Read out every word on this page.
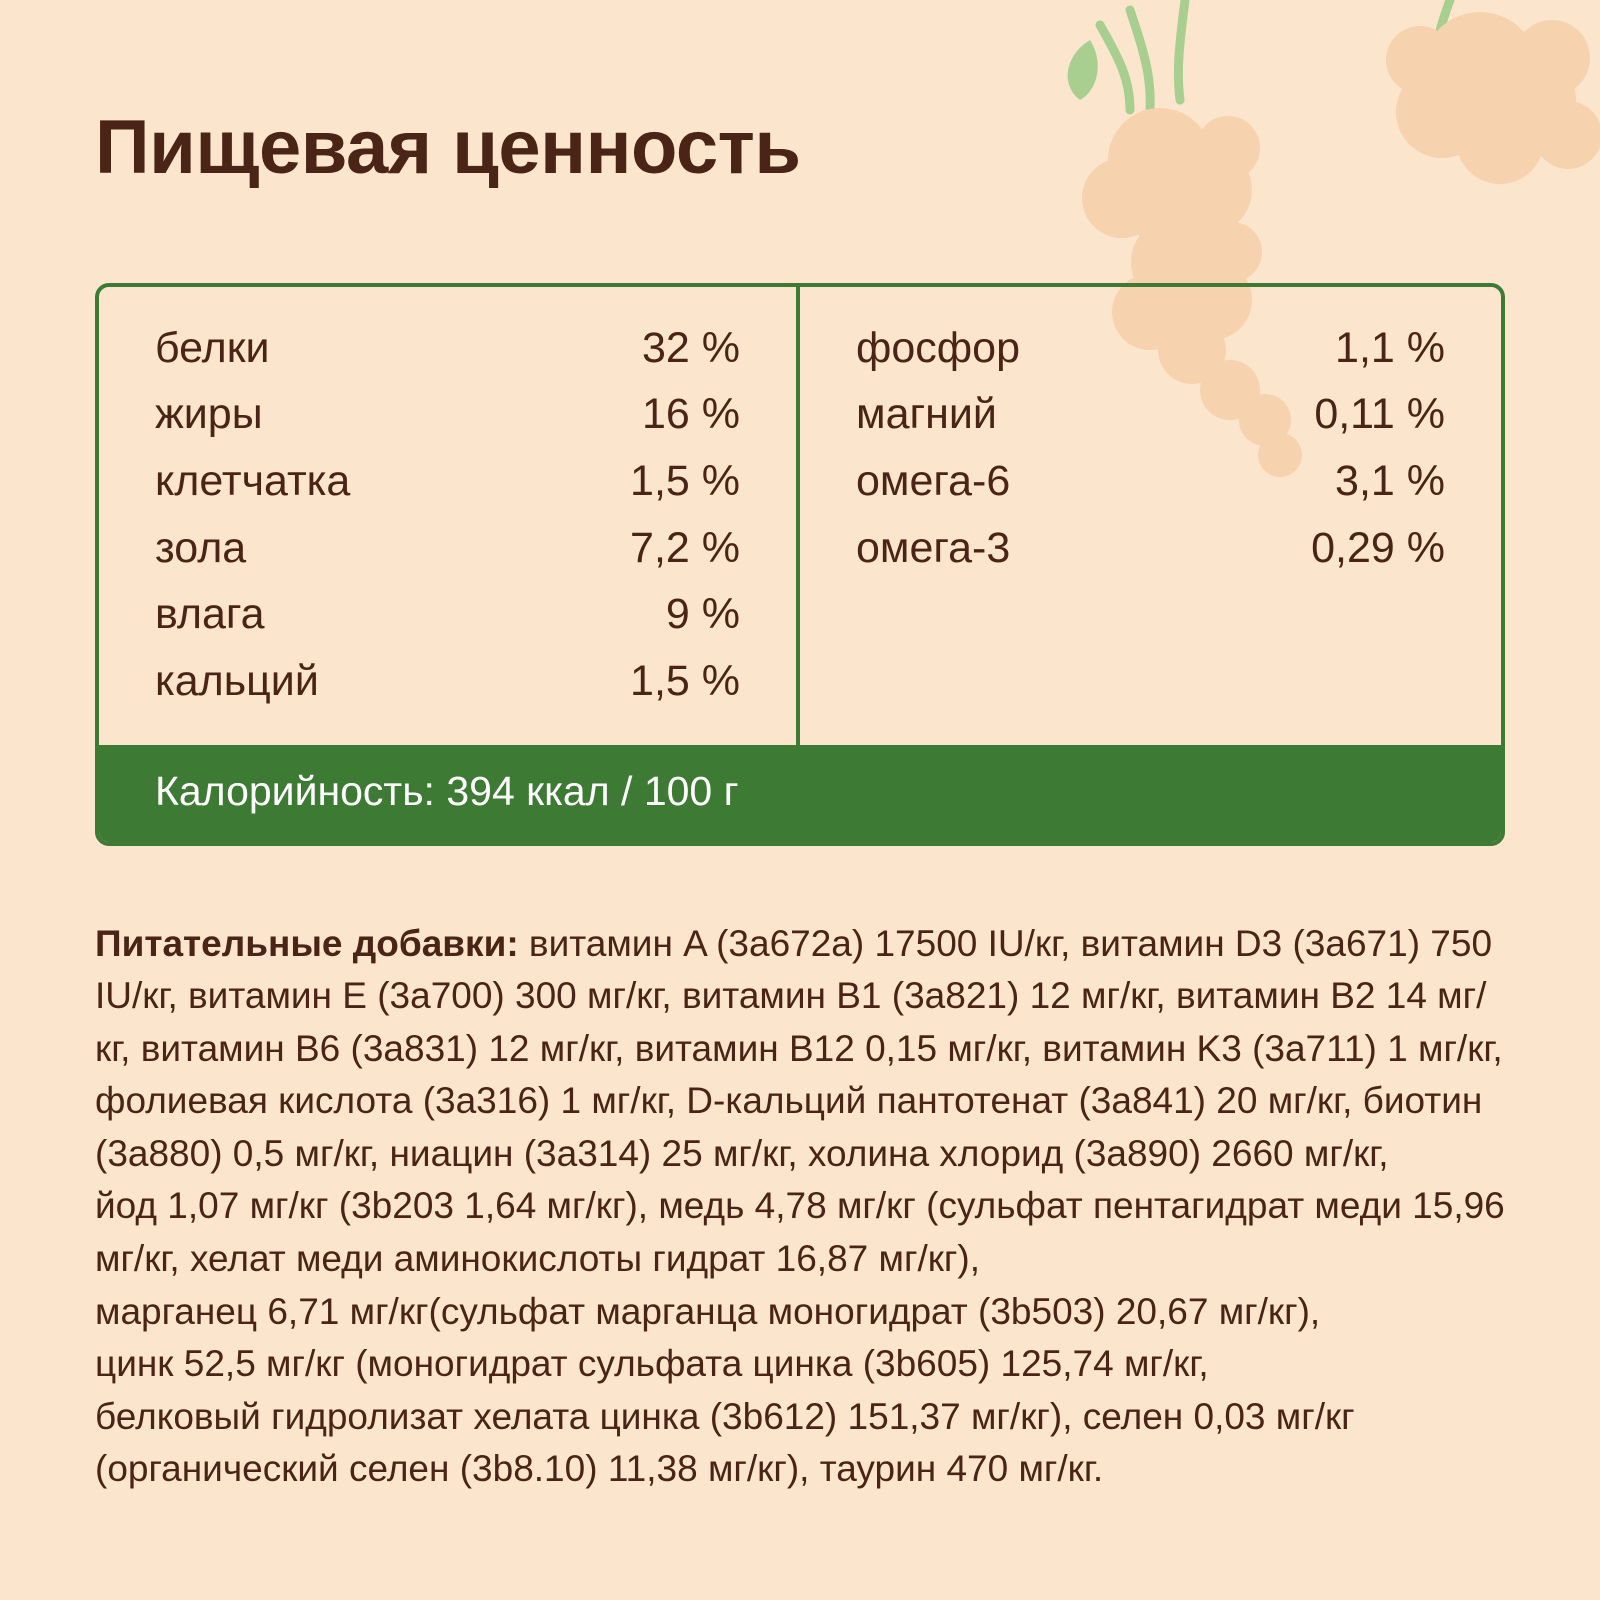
Пищевая ценность
белки	32 %
жиры	16 %
клетчатка	1,5 %
зола	7,2 %
влага	9 %
кальций	1,5 %
фосфор	1,1 %
магний	0,11 %
омега-6	3,1 %
омега-3	0,29 %
Калорийность: 394 ккал / 100 г

Питательные добавки: витамин A (3a672a) 17500 IU/кг, витамин D3 (3a671) 750 IU/кг, витамин E (3a700) 300 мг/кг, витамин B1 (3a821) 12 мг/кг, витамин B2 14 мг/кг, витамин B6 (3a831) 12 мг/кг, витамин B12 0,15 мг/кг, витамин K3 (3a711) 1 мг/кг, фолиевая кислота (3a316) 1 мг/кг, D-кальций пантотенат (3a841) 20 мг/кг, биотин (3a880) 0,5 мг/кг, ниацин (3a314) 25 мг/кг, холина хлорид (3a890) 2660 мг/кг,

йод 1,07 мг/кг (3b203 1,64 мг/кг), медь 4,78 мг/кг (сульфат пентагидрат меди 15,96 мг/кг, хелат меди аминокислоты гидрат 16,87 мг/кг),

марганец 6,71 мг/кг(сульфат марганца моногидрат (3b503) 20,67 мг/кг),

цинк 52,5 мг/кг (моногидрат сульфата цинка (3b605) 125,74 мг/кг,

белковый гидролизат хелата цинка (3b612) 151,37 мг/кг), селен 0,03 мг/кг (органический селен (3b8.10) 11,38 мг/кг), таурин 470 мг/кг.
